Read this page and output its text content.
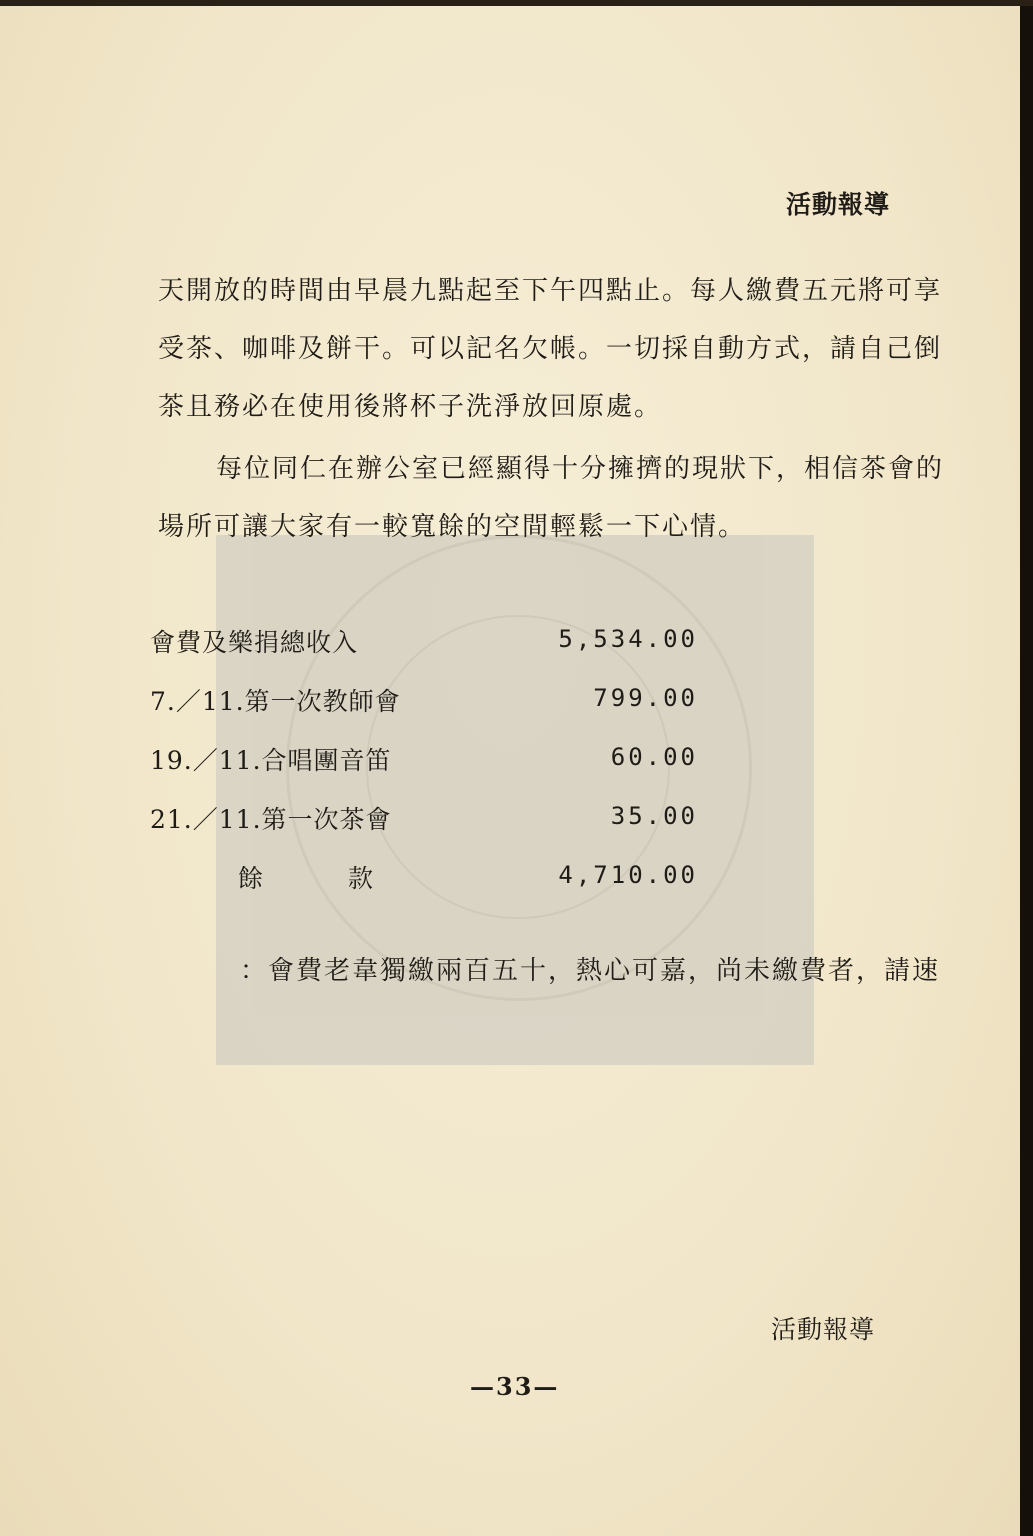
活動報導
天開放的時間由早晨九點起至下午四點止。每人繳費五元將可享
受茶、咖啡及餅干。可以記名欠帳。一切採自動方式，請自己倒
茶且務必在使用後將杯子洗淨放回原處。
每位同仁在辦公室已經顯得十分擁擠的現狀下，相信茶會的
場所可讓大家有一較寬餘的空間輕鬆一下心情。
會費及樂捐總收入	5,534.00
7.／11.第一次教師會	799.00
19.／11.合唱團音笛	60.00
21.／11.第一次茶會	35.00
餘款	4,710.00
：會費老韋獨繳兩百五十，熱心可嘉，尚未繳費者，請速
活動報導
—33—
